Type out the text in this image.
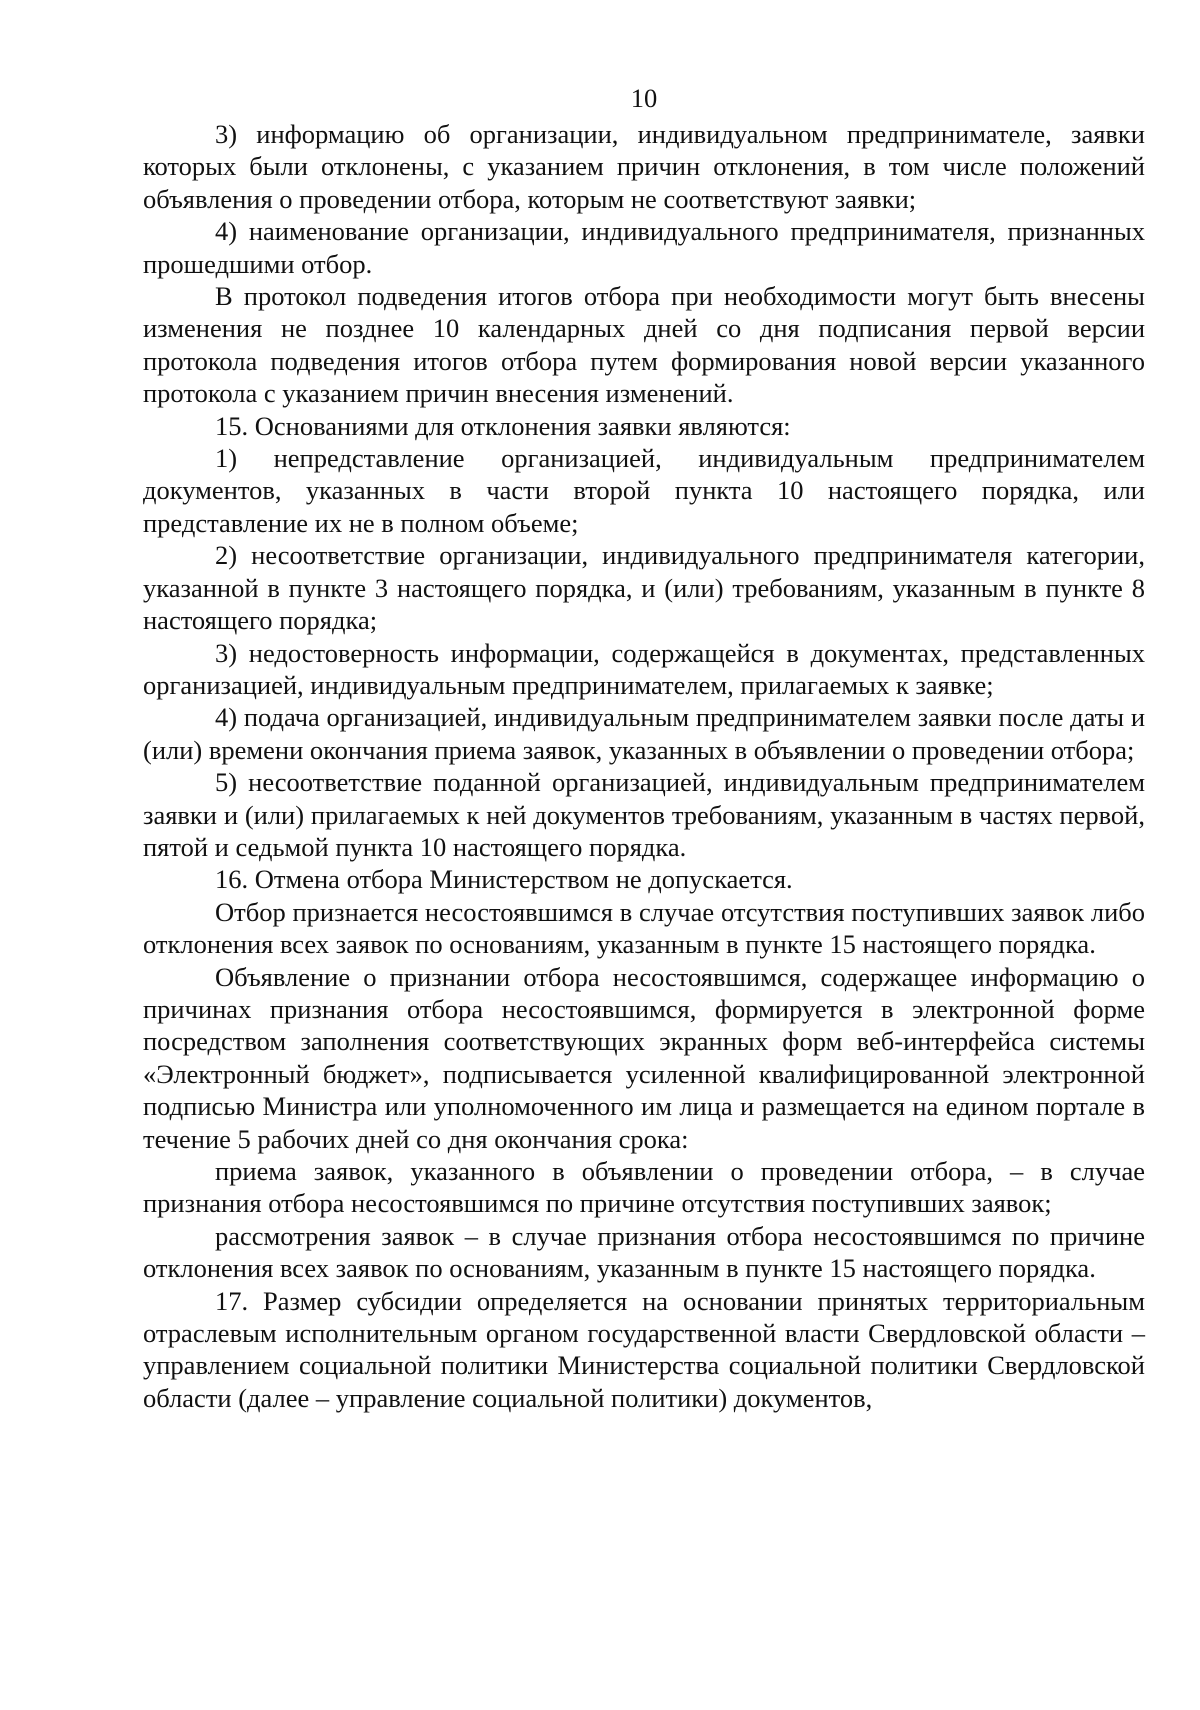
10

3) информацию об организации, индивидуальном предпринимателе, заявки которых были отклонены, с указанием причин отклонения, в том числе положений объявления о проведении отбора, которым не соответствуют заявки;

4) наименование организации, индивидуального предпринимателя, признанных прошедшими отбор.

В протокол подведения итогов отбора при необходимости могут быть внесены изменения не позднее 10 календарных дней со дня подписания первой версии протокола подведения итогов отбора путем формирования новой версии указанного протокола с указанием причин внесения изменений.

15. Основаниями для отклонения заявки являются:

1) непредставление организацией, индивидуальным предпринимателем документов, указанных в части второй пункта 10 настоящего порядка, или представление их не в полном объеме;

2) несоответствие организации, индивидуального предпринимателя категории, указанной в пункте 3 настоящего порядка, и (или) требованиям, указанным в пункте 8 настоящего порядка;

3) недостоверность информации, содержащейся в документах, представленных организацией, индивидуальным предпринимателем, прилагаемых к заявке;

4) подача организацией, индивидуальным предпринимателем заявки после даты и (или) времени окончания приема заявок, указанных в объявлении о проведении отбора;

5) несоответствие поданной организацией, индивидуальным предпринимателем заявки и (или) прилагаемых к ней документов требованиям, указанным в частях первой, пятой и седьмой пункта 10 настоящего порядка.

16. Отмена отбора Министерством не допускается.

Отбор признается несостоявшимся в случае отсутствия поступивших заявок либо отклонения всех заявок по основаниям, указанным в пункте 15 настоящего порядка.

Объявление о признании отбора несостоявшимся, содержащее информацию о причинах признания отбора несостоявшимся, формируется в электронной форме посредством заполнения соответствующих экранных форм веб-интерфейса системы «Электронный бюджет», подписывается усиленной квалифицированной электронной подписью Министра или уполномоченного им лица и размещается на едином портале в течение 5 рабочих дней со дня окончания срока:

приема заявок, указанного в объявлении о проведении отбора, – в случае признания отбора несостоявшимся по причине отсутствия поступивших заявок;

рассмотрения заявок – в случае признания отбора несостоявшимся по причине отклонения всех заявок по основаниям, указанным в пункте 15 настоящего порядка.

17. Размер субсидии определяется на основании принятых территориальным отраслевым исполнительным органом государственной власти Свердловской области – управлением социальной политики Министерства социальной политики Свердловской области (далее – управление социальной политики) документов,
